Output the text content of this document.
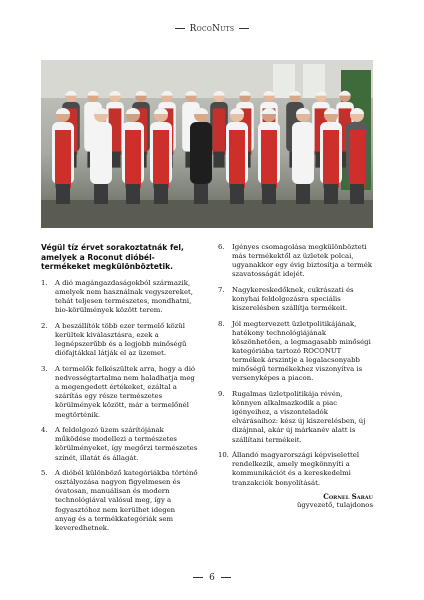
RocoNuts

Végül tíz érvet sorakoztatnák fel, amelyek a Roconut dióbél-termékeket megkülönböztetik.

1.	A dió magángazdaságokból származik, amelyek nem használnak vegyszereket, tehát teljesen természetes, mondhatni, bio-körülmények között terem.
2.	A beszállítók több ezer termelő közül kerültek kiválasztásra, ezek a legnépszerűbb és a legjobb minőségű diófajtákkal látják el az üzemet.
3.	A termelők felkészültek arra, hogy a dió nedvességtartalma nem haladhatja meg a megengedett értékeket, ezáltal a szárítás egy része természetes körülmények között, már a termelőnél megtörténik.
4.	A feldolgozó üzem szárítójának működése modellezi a természetes körülményeket, így megőrzi természetes színét, illatát és állagát.
5.	A dióbél különböző kategóriákba történő osztályozása nagyon figyelmesen és óvatosan, manuálisan és modern technológiával valósul meg, így a fogyasztóhoz nem kerülhet idegen anyag és a termékkategóriák sem keveredhetnek.
6.	Igényes csomagolása megkülönbözteti más termékektől az üzletek polcai, ugyanakkor egy évig biztosítja a termék szavatosságát idejét.
7.	Nagykereskedőknek, cukrászati és konyhai feldolgozásra speciális kiszerelésben szállítja termékeit.
8.	Jól megtervezett üzletpolitikájának, hatékony technológiájának köszönhetően, a legmagasabb minőségi kategóriába tartozó ROCONUT termékek árszintje a legalacsonyabb minőségű termékekhez viszonyítva is versenyképes a piacon.
9.	Rugalmas üzletpolitikája révén, könnyen alkalmazkodik a piac igényeihez, a viszonteladók elvárásaihoz: kész új kiszerelésben, új dizájnnal, akár új márkanév alatt is szállítani termékeit.
10. Állandó magyarországi képviselettel rendelkezik, amely megkönnyíti a kommunikációt és a kereskedelmi tranzakciók bonyolítását.
Cornel Sarau
ügyvezető, tulajdonos
6
